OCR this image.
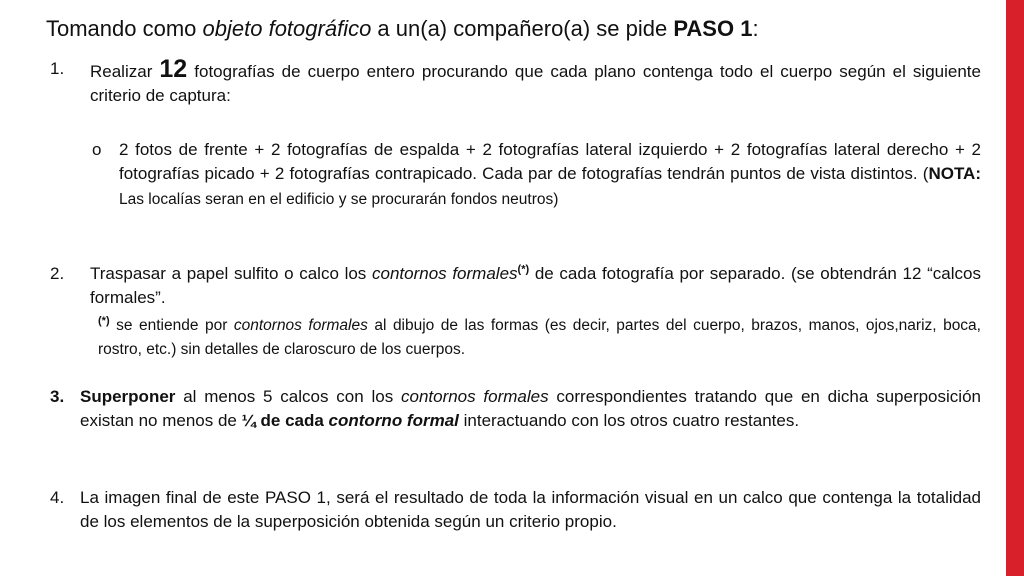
Tomando como objeto fotográfico a un(a) compañero(a) se pide PASO 1:
1. Realizar 12 fotografías de cuerpo entero procurando que cada plano contenga todo el cuerpo según el siguiente criterio de captura:
o 2 fotos de frente + 2 fotografías de espalda + 2 fotografías lateral izquierdo + 2 fotografías lateral derecho + 2 fotografías picado + 2 fotografías contrapicado. Cada par de fotografías tendrán puntos de vista distintos. (NOTA: Las localías seran en el edificio y se procurarán fondos neutros)
2. Traspasar a papel sulfito o calco los contornos formales(*) de cada fotografía por separado. (se obtendrán 12 “calcos formales”.
(*) se entiende por contornos formales al dibujo de las formas (es decir, partes del cuerpo, brazos, manos, ojos,nariz, boca, rostro, etc.) sin detalles de claroscuro de los cuerpos.
3. Superponer al menos 5 calcos con los contornos formales correspondientes tratando que en dicha superposición existan no menos de ¼ de cada contorno formal interactuando con los otros cuatro restantes.
4. La imagen final de este PASO 1, será el resultado de toda la información visual en un calco que contenga la totalidad de los elementos de la superposición obtenida según un criterio propio.
